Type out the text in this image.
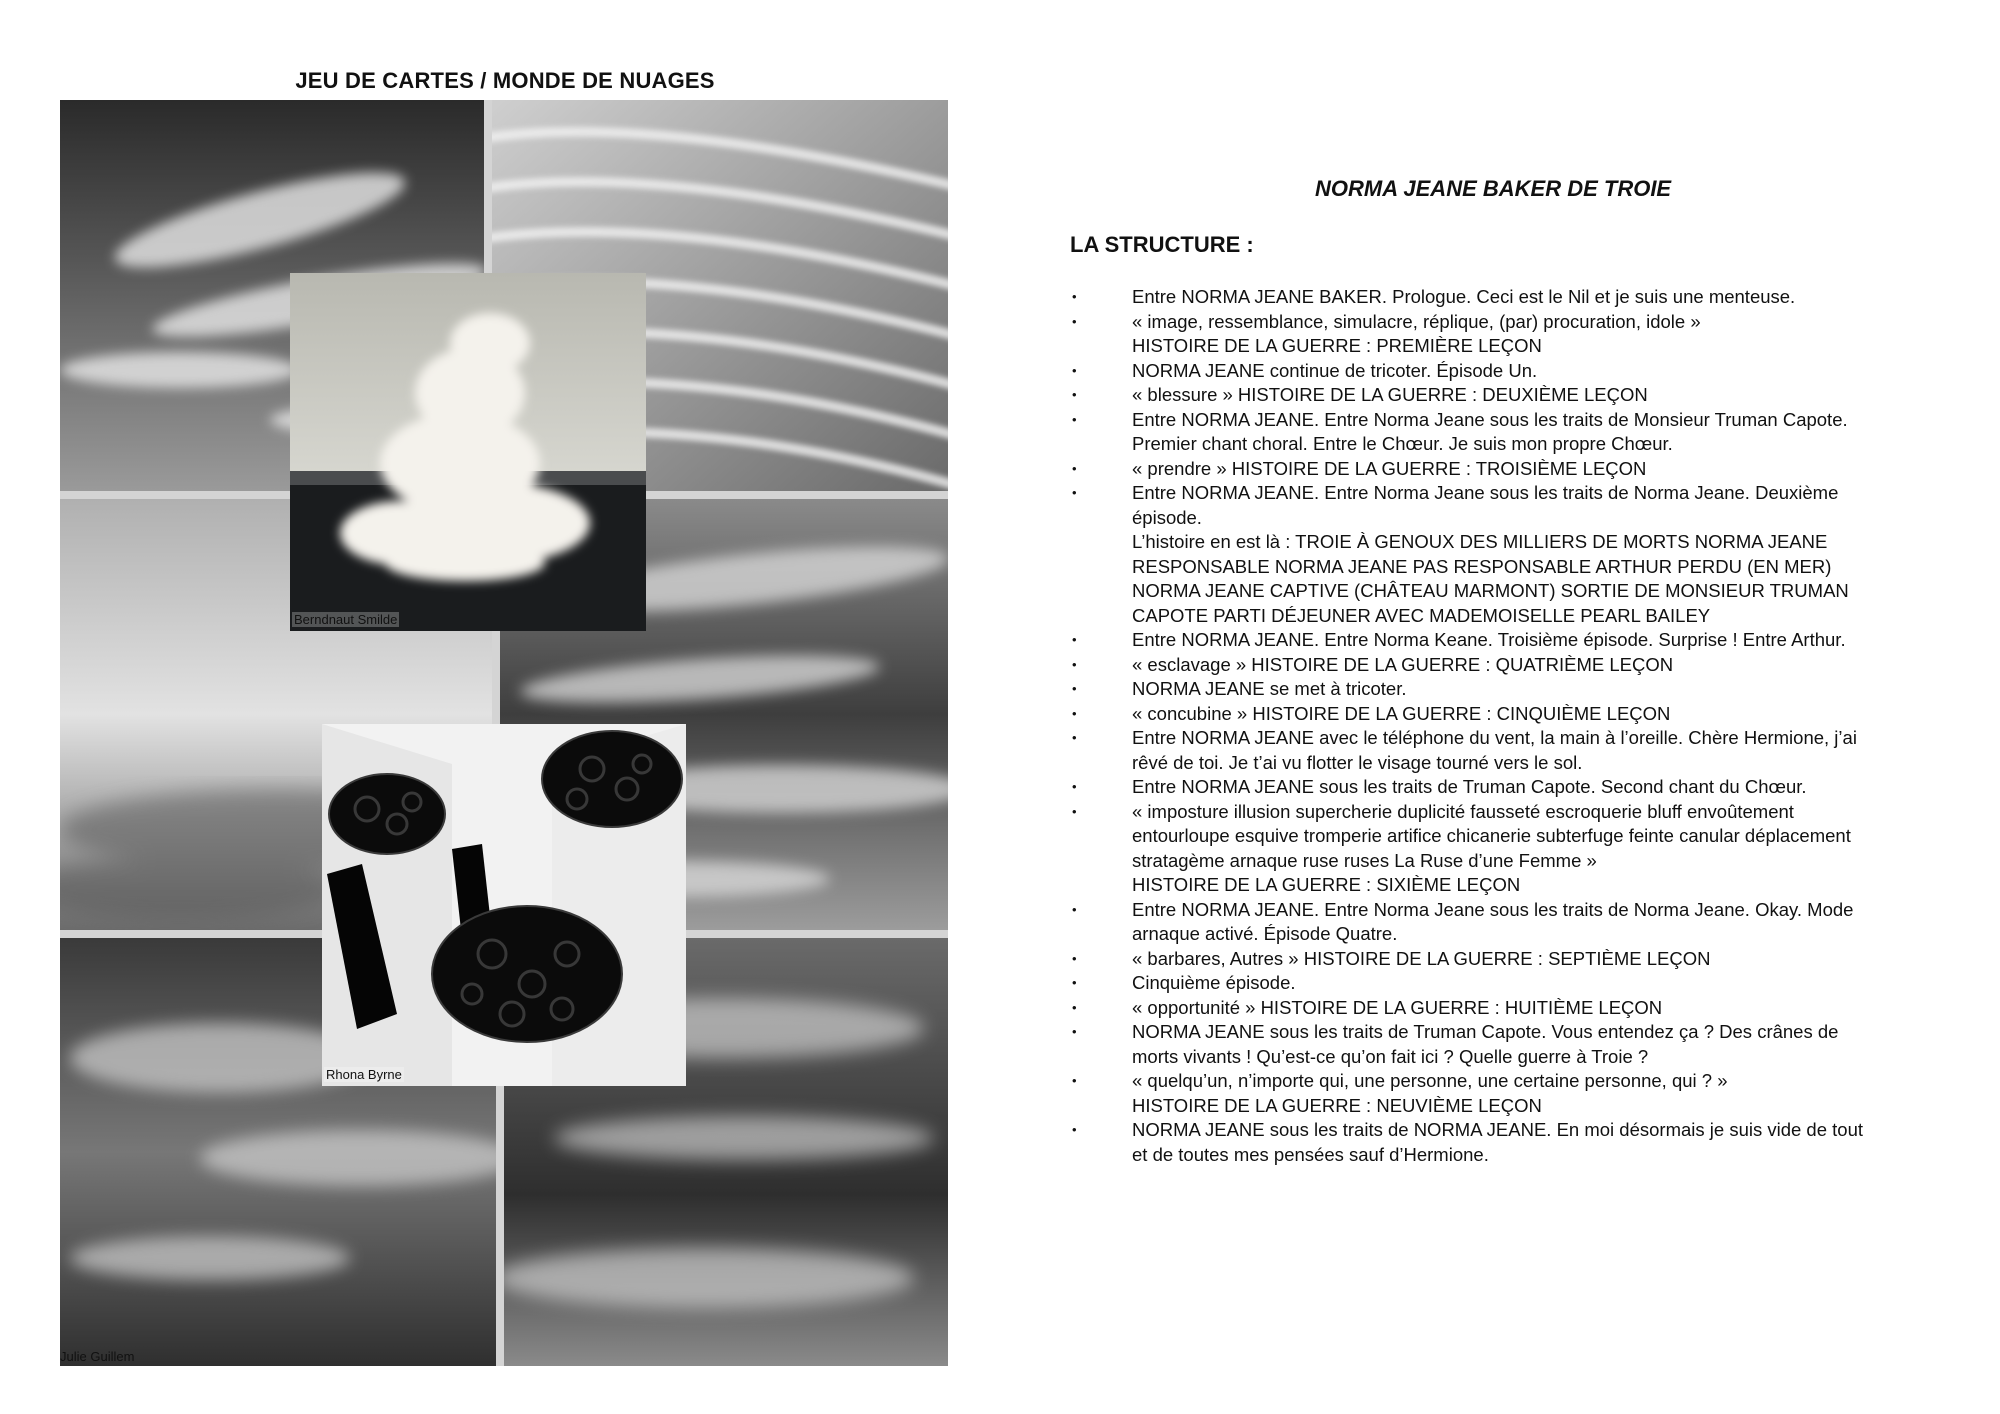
JEU DE CARTES / MONDE DE NUAGES
Berndnaut Smilde
Rhona Byrne
Julie Guillem
NORMA JEANE BAKER DE TROIE
LA STRUCTURE :
• Entre NORMA JEANE BAKER. Prologue. Ceci est le Nil et je suis une menteuse.
• « image, ressemblance, simulacre, réplique, (par) procuration, idole »
HISTOIRE DE LA GUERRE : PREMIÈRE LEÇON
• NORMA JEANE continue de tricoter. Épisode Un.
• « blessure » HISTOIRE DE LA GUERRE : DEUXIÈME LEÇON
• Entre NORMA JEANE. Entre Norma Jeane sous les traits de Monsieur Truman Capote.
Premier chant choral. Entre le Chœur. Je suis mon propre Chœur.
• « prendre » HISTOIRE DE LA GUERRE : TROISIÈME LEÇON
• Entre NORMA JEANE. Entre Norma Jeane sous les traits de Norma Jeane. Deuxième
épisode.
L’histoire en est là : TROIE À GENOUX DES MILLIERS DE MORTS NORMA JEANE
RESPONSABLE NORMA JEANE PAS RESPONSABLE ARTHUR PERDU (EN MER)
NORMA JEANE CAPTIVE (CHÂTEAU MARMONT) SORTIE DE MONSIEUR TRUMAN
CAPOTE PARTI DÉJEUNER AVEC MADEMOISELLE PEARL BAILEY
• Entre NORMA JEANE. Entre Norma Keane. Troisième épisode. Surprise ! Entre Arthur.
• « esclavage » HISTOIRE DE LA GUERRE : QUATRIÈME LEÇON
• NORMA JEANE se met à tricoter.
• « concubine » HISTOIRE DE LA GUERRE : CINQUIÈME LEÇON
• Entre NORMA JEANE avec le téléphone du vent, la main à l’oreille. Chère Hermione, j’ai
rêvé de toi. Je t’ai vu flotter le visage tourné vers le sol.
• Entre NORMA JEANE sous les traits de Truman Capote. Second chant du Chœur.
• « imposture illusion supercherie duplicité fausseté escroquerie bluff envoûtement
entourloupe esquive tromperie artifice chicanerie subterfuge feinte canular déplacement
stratagème arnaque ruse ruses La Ruse d’une Femme »
HISTOIRE DE LA GUERRE : SIXIÈME LEÇON
• Entre NORMA JEANE. Entre Norma Jeane sous les traits de Norma Jeane. Okay. Mode
arnaque activé. Épisode Quatre.
• « barbares, Autres » HISTOIRE DE LA GUERRE : SEPTIÈME LEÇON
• Cinquième épisode.
• « opportunité » HISTOIRE DE LA GUERRE : HUITIÈME LEÇON
• NORMA JEANE sous les traits de Truman Capote. Vous entendez ça ? Des crânes de
morts vivants ! Qu’est-ce qu’on fait ici ? Quelle guerre à Troie ?
• « quelqu’un, n’importe qui, une personne, une certaine personne, qui ? »
HISTOIRE DE LA GUERRE : NEUVIÈME LEÇON
• NORMA JEANE sous les traits de NORMA JEANE. En moi désormais je suis vide de tout
et de toutes mes pensées sauf d’Hermione.
